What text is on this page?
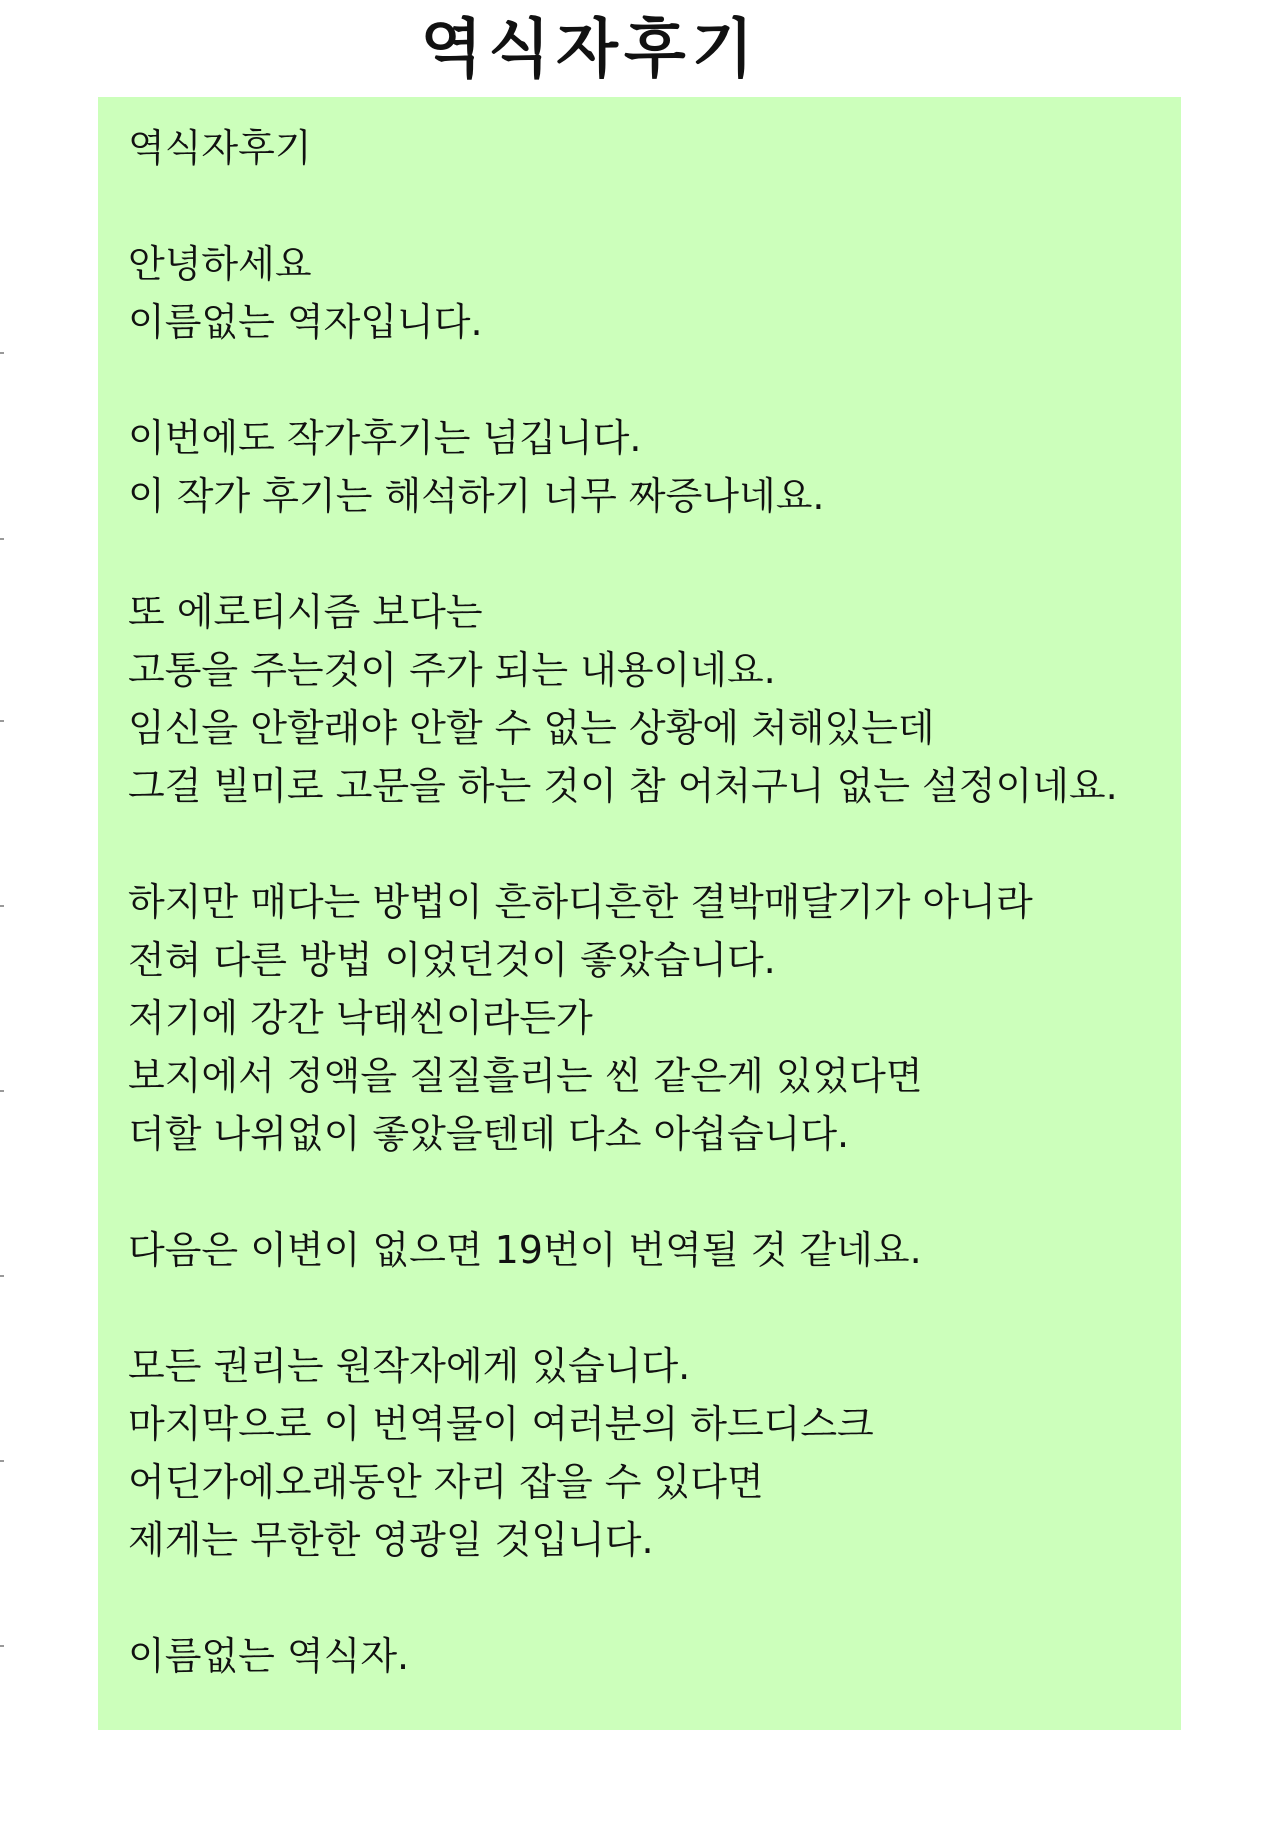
역식자후기
역식자후기
안녕하세요
이름없는 역자입니다.
이번에도 작가후기는 넘깁니다.
이 작가 후기는 해석하기 너무 짜증나네요.
또 에로티시즘 보다는
고통을 주는것이 주가 되는 내용이네요.
임신을 안할래야 안할 수 없는 상황에 처해있는데
그걸 빌미로 고문을 하는 것이 참 어처구니 없는 설정이네요.
하지만 매다는 방법이 흔하디흔한 결박매달기가 아니라
전혀 다른 방법 이었던것이 좋았습니다.
저기에 강간 낙태씬이라든가
보지에서 정액을 질질흘리는 씬 같은게 있었다면
더할 나위없이 좋았을텐데 다소 아쉽습니다.
다음은 이변이 없으면 19번이 번역될 것 같네요.
모든 권리는 원작자에게 있습니다.
마지막으로 이 번역물이 여러분의 하드디스크
어딘가에오래동안 자리 잡을 수 있다면
제게는 무한한 영광일 것입니다.
이름없는 역식자.
